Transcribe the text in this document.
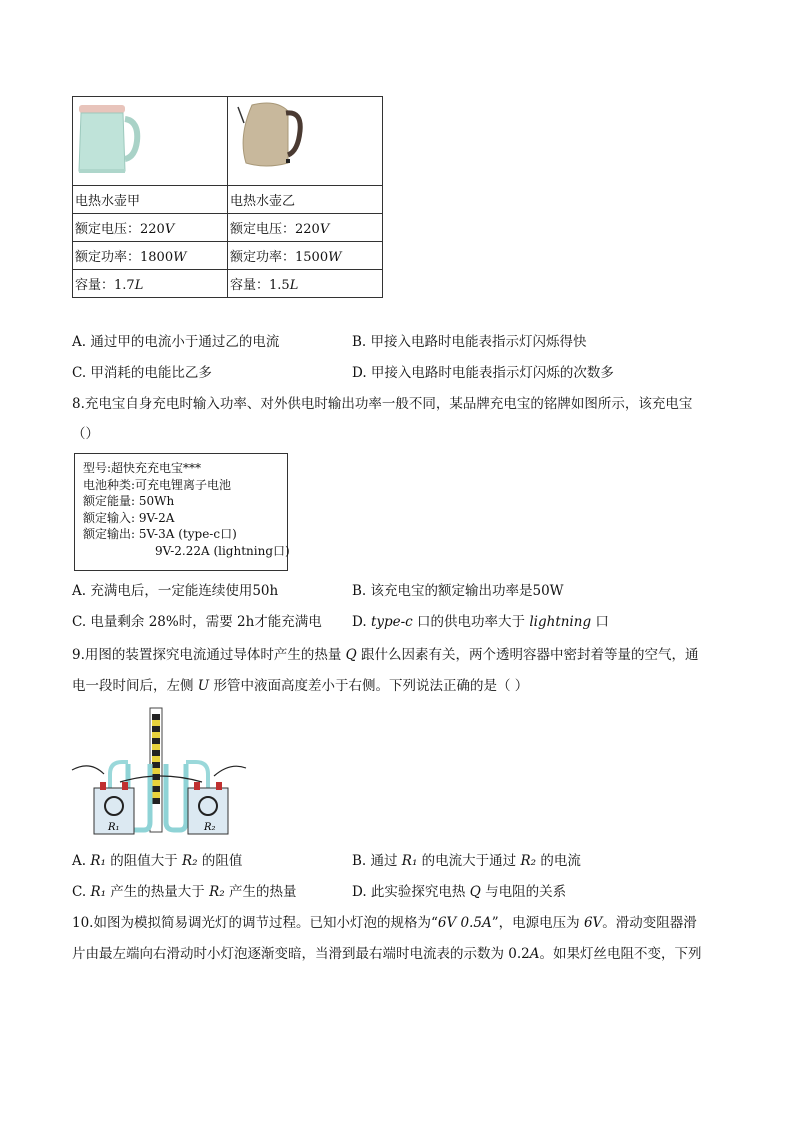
电热水壶甲	电热水壶乙
额定电压：220V	额定电压：220V
额定功率：1800W	额定功率：1500W
容量：1.7L	容量：1.5L
A. 通过甲的电流小于通过乙的电流	B. 甲接入电路时电能表指示灯闪烁得快
C. 甲消耗的电能比乙多	D. 甲接入电路时电能表指示灯闪烁的次数多
8.充电宝自身充电时输入功率、对外供电时输出功率一般不同，某品牌充电宝的铭牌如图所示，该充电宝
（）
型号:超快充充电宝***
电池种类:可充电锂离子电池
额定能量: 50Wh
额定输入: 9V-2A
额定输出: 5V-3A (type-c口)
9V-2.22A (lightning口)
A. 充满电后，一定能连续使用50h	B. 该充电宝的额定输出功率是50W
C. 电量剩余 28%时，需要 2h才能充满电 D. type-c 口的供电功率大于 lightning 口
9.用图的装置探究电流通过导体时产生的热量 Q 跟什么因素有关，两个透明容器中密封着等量的空气，通
电一段时间后，左侧 U 形管中液面高度差小于右侧。下列说法正确的是（ ）
R₁	R₂
A. R₁ 的阻值大于 R₂ 的阻值	B. 通过 R₁ 的电流大于通过 R₂ 的电流
C. R₁ 产生的热量大于 R₂ 产生的热量	D. 此实验探究电热 Q 与电阻的关系
10.如图为模拟简易调光灯的调节过程。已知小灯泡的规格为“6V 0.5A”，电源电压为 6V。滑动变阻器滑
片由最左端向右滑动时小灯泡逐渐变暗，当滑到最右端时电流表的示数为 0.2A。如果灯丝电阻不变，下列
